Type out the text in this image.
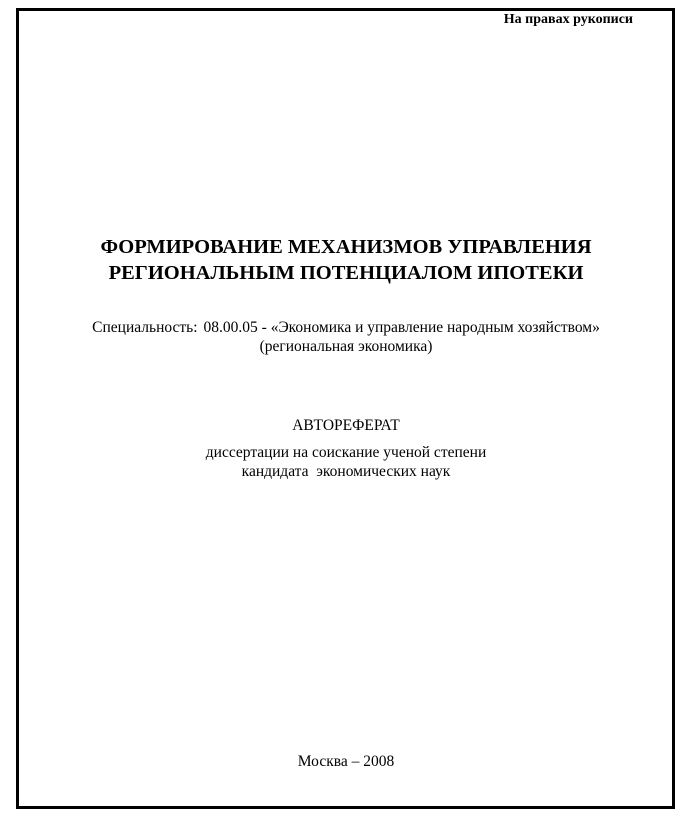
На правах рукописи
ФОРМИРОВАНИЕ МЕХАНИЗМОВ УПРАВЛЕНИЯ
РЕГИОНАЛЬНЫМ ПОТЕНЦИАЛОМ ИПОТЕКИ
Специальность: 08.00.05 - «Экономика и управление народным хозяйством»
(региональная экономика)
АВТОРЕФЕРАТ
диссертации на соискание ученой степени
кандидата  экономических наук
Москва – 2008
